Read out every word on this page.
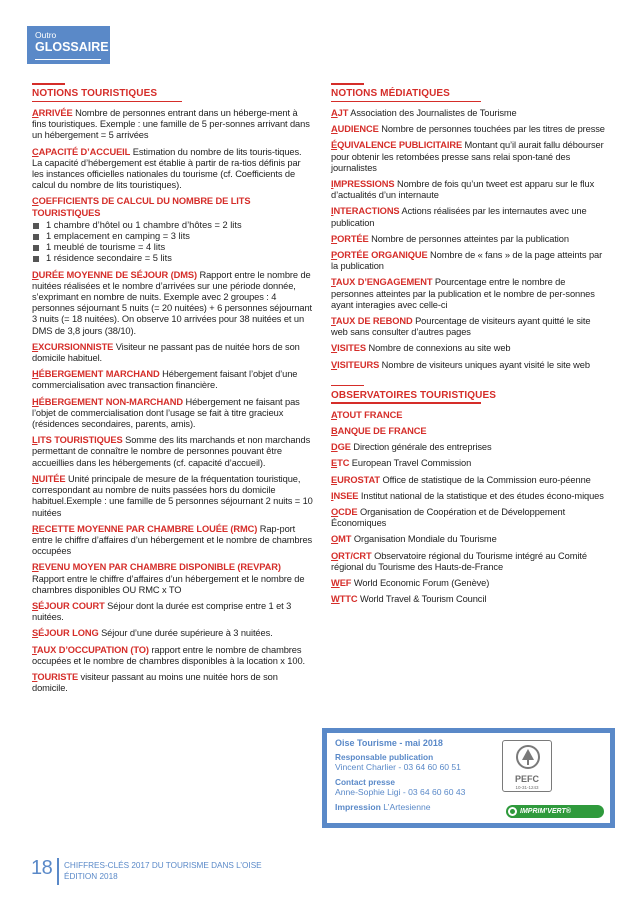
Outro
GLOSSAIRE
NOTIONS TOURISTIQUES
ARRIVÉE Nombre de personnes entrant dans un héberge-ment à fins touristiques. Exemple : une famille de 5 per-sonnes arrivant dans un hébergement = 5 arrivées
CAPACITÉ D’ACCUEIL Estimation du nombre de lits touris-tiques. La capacité d’hébergement est établie à partir de ra-tios définis par les instances officielles nationales du tourisme (cf. Coefficients de calcul du nombre de lits touristiques).
COEFFICIENTS DE CALCUL DU NOMBRE DE LITS TOURISTIQUES
1 chambre d’hôtel ou 1 chambre d’hôtes = 2 lits
1 emplacement en camping = 3 lits
1 meublé de tourisme = 4 lits
1 résidence secondaire = 5 lits
DURÉE MOYENNE DE SÉJOUR (DMS) Rapport entre le nombre de nuitées réalisées et le nombre d’arrivées sur une période donnée, s’exprimant en nombre de nuits. Exemple avec 2 groupes : 4 personnes séjournant 5 nuits (= 20 nuitées) + 6 personnes séjournant 3 nuits (= 18 nuitées). On observe 10 arrivées pour 38 nuitées et un DMS de 3,8 jours (38/10).
EXCURSIONNISTE Visiteur ne passant pas de nuitée hors de son domicile habituel.
HÉBERGEMENT MARCHAND Hébergement faisant l’objet d’une commercialisation avec transaction financière.
HÉBERGEMENT NON-MARCHAND Hébergement ne faisant pas l’objet de commercialisation dont l’usage se fait à titre gracieux (résidences secondaires, parents, amis).
LITS TOURISTIQUES Somme des lits marchands et non marchands permettant de connaître le nombre de personnes pouvant être accueillies dans les hébergements (cf. capacité d’accueil).
NUITÉE Unité principale de mesure de la fréquentation touristique, correspondant au nombre de nuits passées hors du domicile habituel.Exemple : une famille de 5 personnes séjournant 2 nuits = 10 nuitées
RECETTE MOYENNE PAR CHAMBRE LOUÉE (RMC) Rap-port entre le chiffre d’affaires d’un hébergement et le nombre de chambres occupées
REVENU MOYEN PAR CHAMBRE DISPONIBLE (REVPAR) Rapport entre le chiffre d’affaires d’un hébergement et le nombre de chambres disponibles OU RMC x TO
SÉJOUR COURT Séjour dont la durée est comprise entre 1 et 3 nuitées.
SÉJOUR LONG Séjour d’une durée supérieure à 3 nuitées.
TAUX D’OCCUPATION (TO) rapport entre le nombre de chambres occupées et le nombre de chambres disponibles à la location x 100.
TOURISTE visiteur passant au moins une nuitée hors de son domicile.
NOTIONS MÉDIATIQUES
AJT Association des Journalistes de Tourisme
AUDIENCE Nombre de personnes touchées par les titres de presse
ÉQUIVALENCE PUBLICITAIRE Montant qu’il aurait fallu débourser pour obtenir les retombées presse sans relai spon-tané des journalistes
IMPRESSIONS Nombre de fois qu’un tweet est apparu sur le flux d’actualités d’un internaute
INTERACTIONS Actions réalisées par les internautes avec une publication
PORTÉE Nombre de personnes atteintes par la publication
PORTÉE ORGANIQUE Nombre de « fans » de la page atteints par la publication
TAUX D’ENGAGEMENT Pourcentage entre le nombre de personnes atteintes par la publication et le nombre de per-sonnes ayant interagies avec celle-ci
TAUX DE REBOND Pourcentage de visiteurs ayant quitté le site web sans consulter d’autres pages
VISITES Nombre de connexions au site web
VISITEURS Nombre de visiteurs uniques ayant visité le site web
OBSERVATOIRES TOURISTIQUES
ATOUT FRANCE
BANQUE DE FRANCE
DGE Direction générale des entreprises
ETC European Travel Commission
EUROSTAT Office de statistique de la Commission euro-péenne
INSEE Institut national de la statistique et des études écono-miques
OCDE Organisation de Coopération et de Développement Économiques
OMT Organisation Mondiale du Tourisme
ORT/CRT Observatoire régional du Tourisme intégré au Comité régional du Tourisme des Hauts-de-France
WEF World Economic Forum (Genève)
WTTC World Travel & Tourism Council
Oise Tourisme - mai 2018
Responsable publication
Vincent Charlier - 03 64 60 60 51
Contact presse
Anne-Sophie Ligi - 03 64 60 60 43
Impression L’Artesienne
PEFC
10-31-1243
IMPRIM’VERT®
18 CHIFFRES-CLÉS 2017 DU TOURISME DANS L’OISE
ÉDITION 2018
